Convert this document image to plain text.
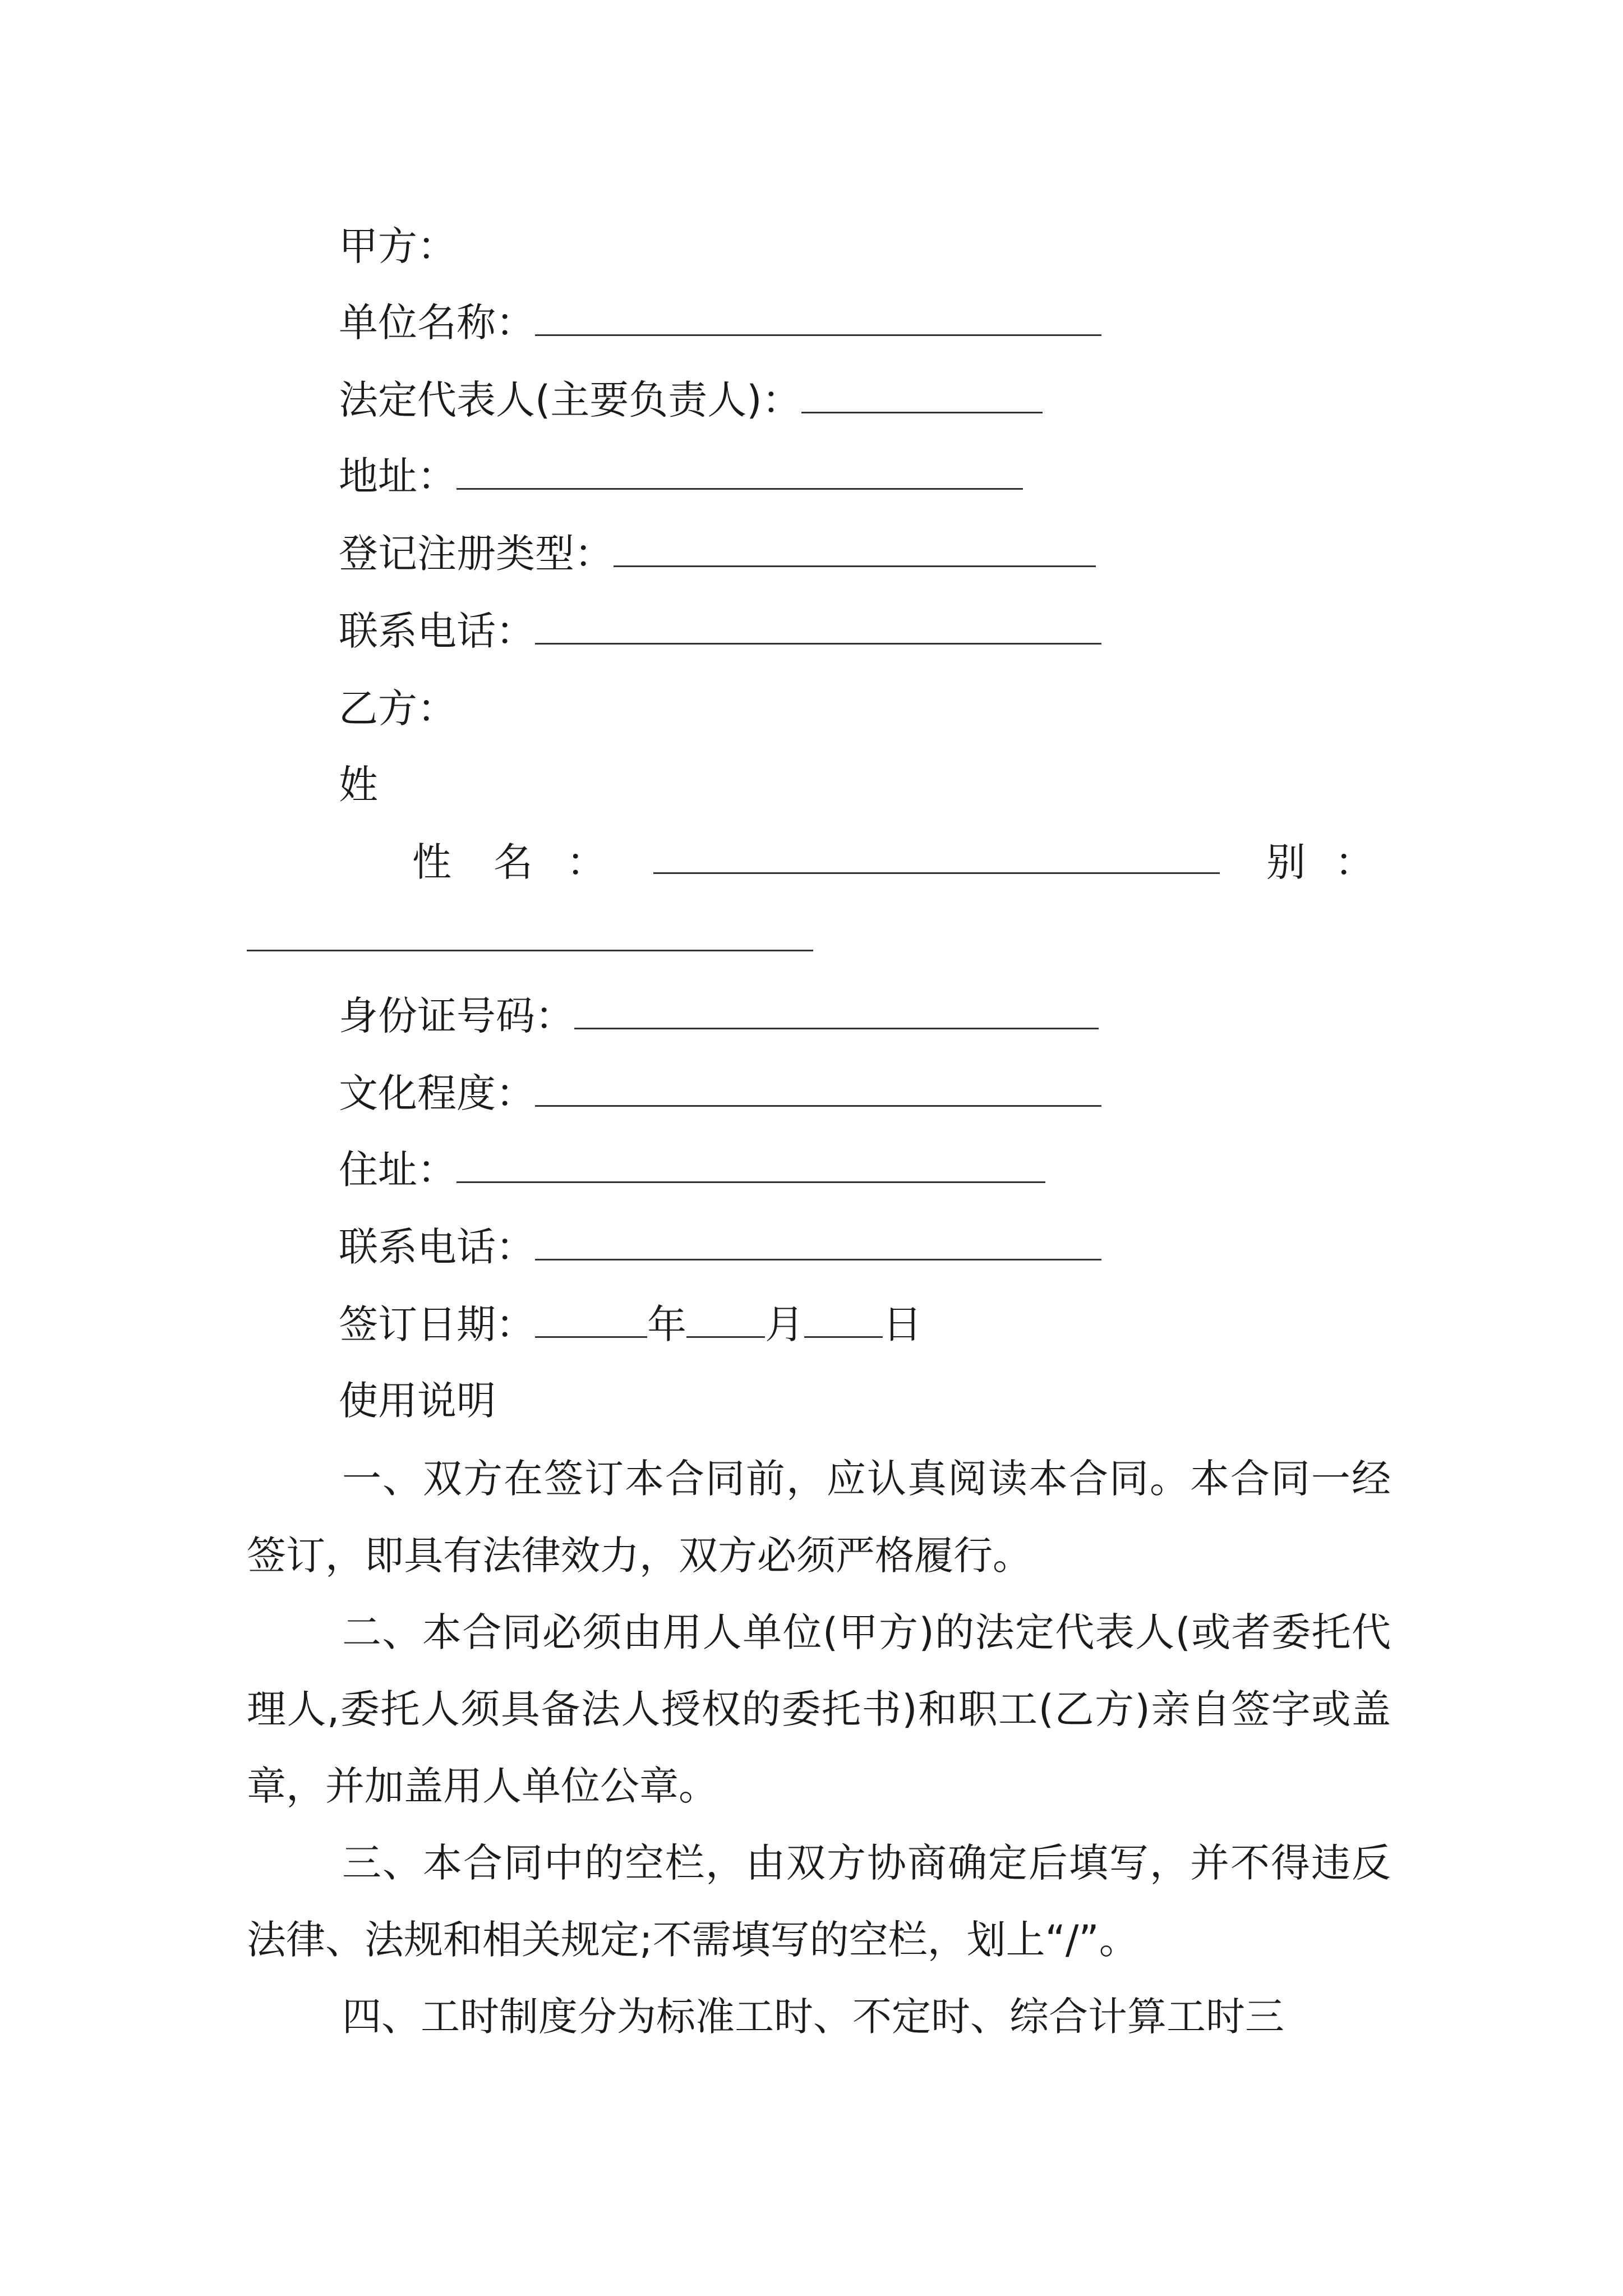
甲方：
单位名称：
法定代表人(主要负责人)：
地址：
登记注册类型：
联系电话：
乙方：
姓
性 名 ：	别 ：
身份证号码：
文化程度：
住址：
联系电话：
签订日期：	年 月 日
使用说明
一、双方在签订本合同前，应认真阅读本合同。本合同一经签订，即具有法律效力，双方必须严格履行。
二、本合同必须由用人单位(甲方)的法定代表人(或者委托代理人,委托人须具备法人授权的委托书)和职工(乙方)亲自签字或盖章，并加盖用人单位公章。
三、本合同中的空栏，由双方协商确定后填写，并不得违反法律、法规和相关规定;不需填写的空栏，划上“/”。
四、工时制度分为标准工时、不定时、综合计算工时三
